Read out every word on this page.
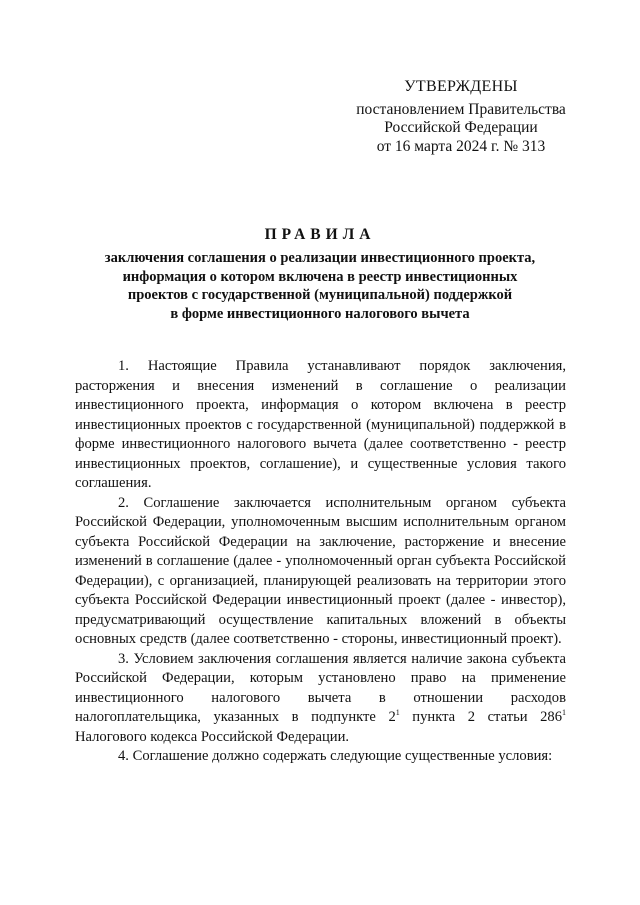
УТВЕРЖДЕНЫ
постановлением Правительства
Российской Федерации
от 16 марта 2024 г. № 313
ПРАВИЛА
заключения соглашения о реализации инвестиционного проекта,
информация о котором включена в реестр инвестиционных
проектов с государственной (муниципальной) поддержкой
в форме инвестиционного налогового вычета

1. Настоящие Правила устанавливают порядок заключения, расторжения и внесения изменений в соглашение о реализации инвестиционного проекта, информация о котором включена в реестр инвестиционных проектов с государственной (муниципальной) поддержкой в форме инвестиционного налогового вычета (далее соответственно - реестр инвестиционных проектов, соглашение), и существенные условия такого соглашения.

2. Соглашение заключается исполнительным органом субъекта Российской Федерации, уполномоченным высшим исполнительным органом субъекта Российской Федерации на заключение, расторжение и внесение изменений в соглашение (далее - уполномоченный орган субъекта Российской Федерации), с организацией, планирующей реализовать на территории этого субъекта Российской Федерации инвестиционный проект (далее - инвестор), предусматривающий осуществление капитальных вложений в объекты основных средств (далее соответственно - стороны, инвестиционный проект).

3. Условием заключения соглашения является наличие закона субъекта Российской Федерации, которым установлено право на применение инвестиционного налогового вычета в отношении расходов налогоплательщика, указанных в подпункте $2^1$ пункта 2 статьи $286^1$ Налогового кодекса Российской Федерации.

4. Соглашение должно содержать следующие существенные условия:
